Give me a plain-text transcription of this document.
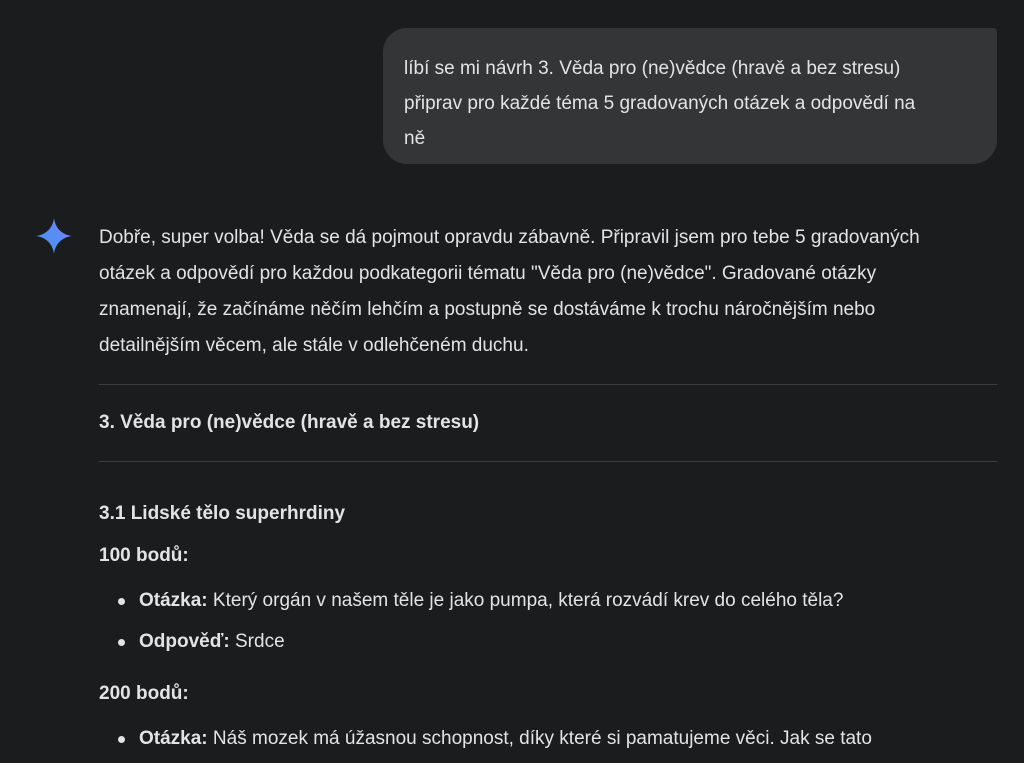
líbí se mi návrh 3. Věda pro (ne)vědce (hravě a bez stresu)
připrav pro každé téma 5 gradovaných otázek a odpovědí na
ně

Dobře, super volba! Věda se dá pojmout opravdu zábavně. Připravil jsem pro tebe 5 gradovaných
otázek a odpovědí pro každou podkategorii tématu "Věda pro (ne)vědce". Gradované otázky
znamenají, že začínáme něčím lehčím a postupně se dostáváme k trochu náročnějším nebo
detailnějším věcem, ale stále v odlehčeném duchu.

3. Věda pro (ne)vědce (hravě a bez stresu)
3.1 Lidské tělo superhrdiny
100 bodů:
Otázka: Který orgán v našem těle je jako pumpa, která rozvádí krev do celého těla?
Odpověď: Srdce
200 bodů:
Otázka: Náš mozek má úžasnou schopnost, díky které si pamatujeme věci. Jak se tato
